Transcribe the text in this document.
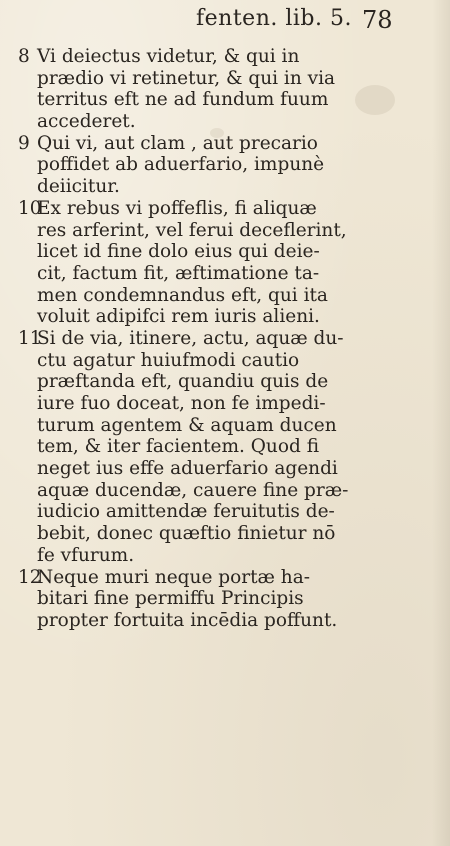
fenten. lib. 5. 78
8 Vi deiectus videtur, & qui in
prædio vi retinetur, & qui in via
territus eft ne ad fundum fuum
accederet.
9 Qui vi, aut clam , aut precario
poffidet ab aduerfario, impunè
deiicitur.
10Ex rebus vi poffeflis, fi aliquæ
res arferint, vel ferui deceflerint,
licet id fine dolo eius qui deie-
cit, factum fit, æftimatione ta-
men condemnandus eft, qui ita
voluit adipifci rem iuris alieni.
11Si de via, itinere, actu, aquæ du-
ctu agatur huiufmodi cautio
præftanda eft, quandiu quis de
iure fuo doceat, non fe impedi-
turum agentem & aquam ducen
tem, & iter facientem. Quod fi
neget ius effe aduerfario agendi
aquæ ducendæ, cauere fine præ-
iudicio amittendæ feruitutis de-
bebit, donec quæftio finietur nō
fe vfurum.
12Neque muri neque portæ ha-
bitari fine permiffu Principis
propter fortuita incēdia poffunt.
